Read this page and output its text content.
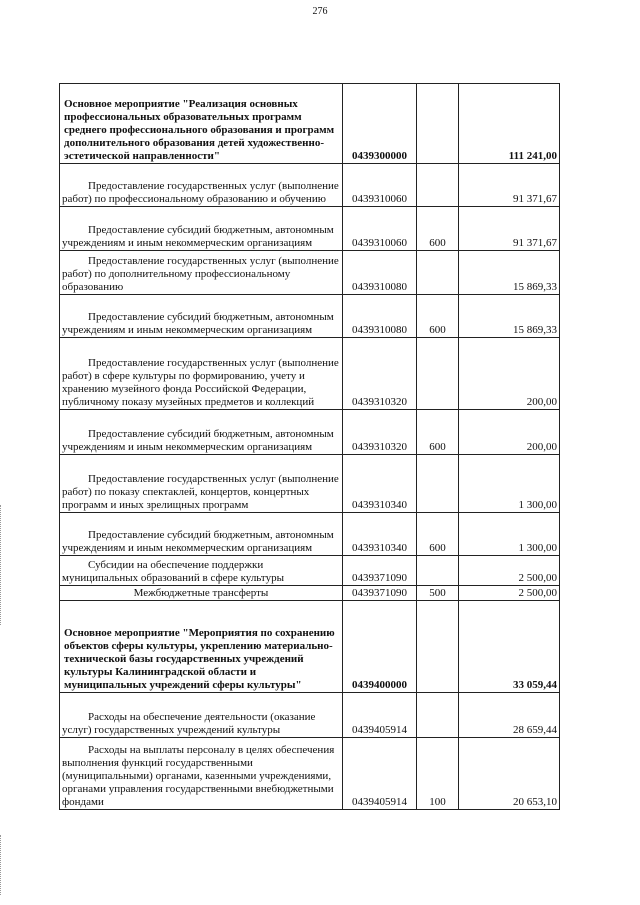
276
Основное мероприятие "Реализация основных профессиональных образовательных программ среднего профессионального образования и программ дополнительного образования детей художественно-эстетической направленности"	0439300000		111 241,00
Предоставление государственных услуг (выполнение работ) по профессиональному образованию и обучению	0439310060		91 371,67
Предоставление субсидий бюджетным, автономным учреждениям и иным некоммерческим организациям	0439310060	600	91 371,67
Предоставление государственных услуг (выполнение работ) по дополнительному профессиональному образованию	0439310080		15 869,33
Предоставление субсидий бюджетным, автономным учреждениям и иным некоммерческим организациям	0439310080	600	15 869,33
Предоставление государственных услуг (выполнение работ) в сфере культуры по формированию, учету и хранению музейного фонда Российской Федерации, публичному показу музейных предметов и коллекций	0439310320		200,00
Предоставление субсидий бюджетным, автономным учреждениям и иным некоммерческим организациям	0439310320	600	200,00
Предоставление государственных услуг (выполнение работ) по показу спектаклей, концертов, концертных программ и иных зрелищных программ	0439310340		1 300,00
Предоставление субсидий бюджетным, автономным учреждениям и иным некоммерческим организациям	0439310340	600	1 300,00
Субсидии на обеспечение поддержки муниципальных образований в сфере культуры	0439371090		2 500,00
Межбюджетные трансферты	0439371090	500	2 500,00
Основное мероприятие "Мероприятия по сохранению объектов сферы культуры, укреплению материально-технической базы государственных учреждений культуры Калининградской области и муниципальных учреждений сферы культуры"	0439400000		33 059,44
Расходы на обеспечение деятельности (оказание услуг) государственных учреждений культуры	0439405914		28 659,44
Расходы на выплаты персоналу в целях обеспечения выполнения функций государственными (муниципальными) органами, казенными учреждениями, органами управления государственными внебюджетными фондами	0439405914	100	20 653,10
